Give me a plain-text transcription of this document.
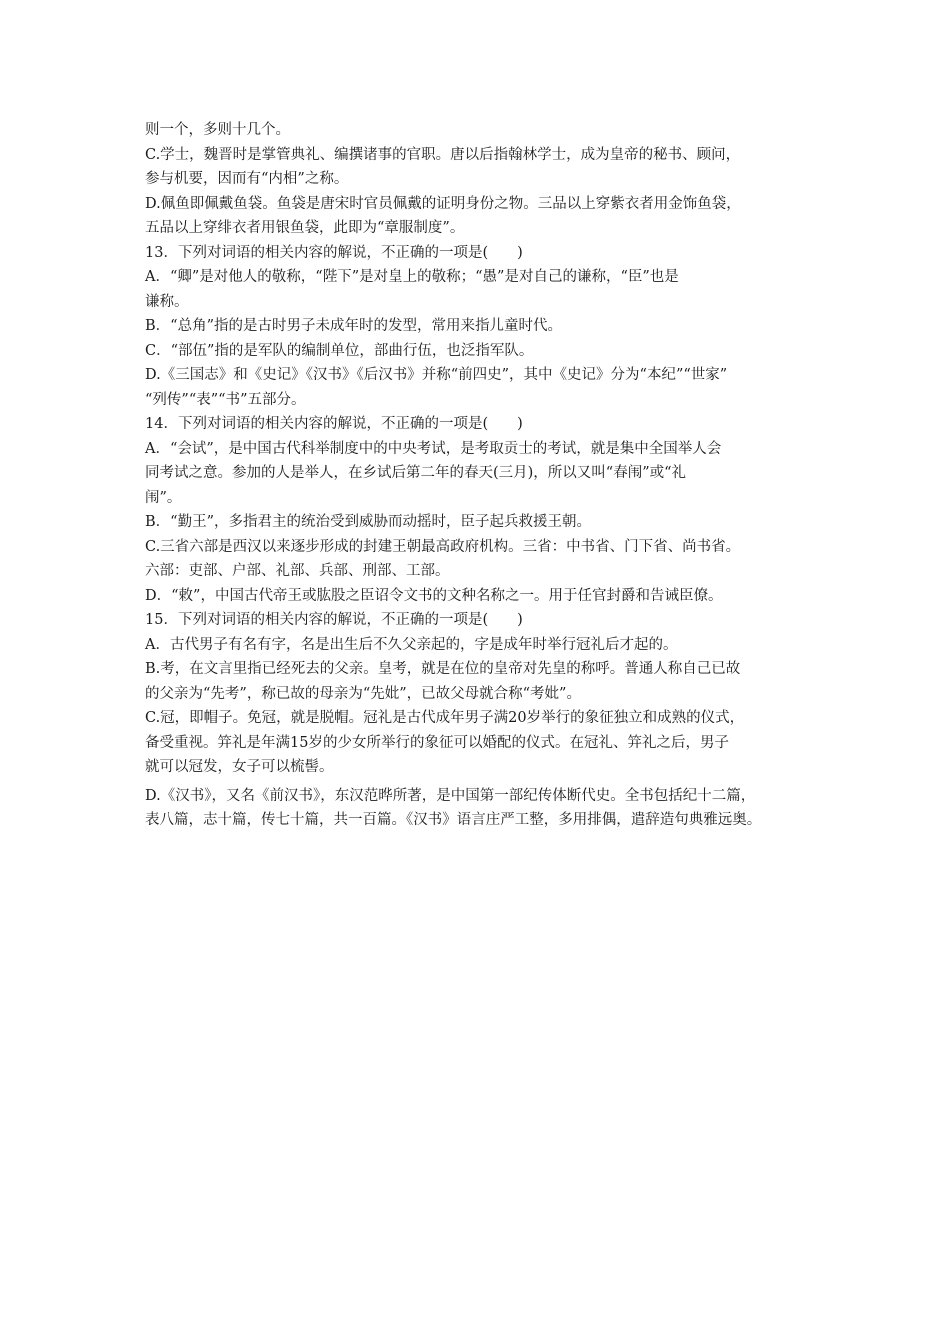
则一个，多则十几个。
C.学士，魏晋时是掌管典礼、编撰诸事的官职。唐以后指翰林学士，成为皇帝的秘书、顾问，
参与机要，因而有“内相”之称。
D.佩鱼即佩戴鱼袋。鱼袋是唐宋时官员佩戴的证明身份之物。三品以上穿紫衣者用金饰鱼袋，
五品以上穿绯衣者用银鱼袋，此即为“章服制度”。
13．下列对词语的相关内容的解说，不正确的一项是(　　)
A．“卿”是对他人的敬称，“陛下”是对皇上的敬称；“愚”是对自己的谦称，“臣”也是
谦称。
B．“总角”指的是古时男子未成年时的发型，常用来指儿童时代。
C．“部伍”指的是军队的编制单位，部曲行伍，也泛指军队。
D.《三国志》和《史记》《汉书》《后汉书》并称“前四史”，其中《史记》分为“本纪”“世家”
“列传”“表”“书”五部分。
14．下列对词语的相关内容的解说，不正确的一项是(　　)
A．“会试”，是中国古代科举制度中的中央考试，是考取贡士的考试，就是集中全国举人会
同考试之意。参加的人是举人，在乡试后第二年的春天(三月)，所以又叫“春闱”或“礼
闱”。
B．“勤王”，多指君主的统治受到威胁而动摇时，臣子起兵救援王朝。
C.三省六部是西汉以来逐步形成的封建王朝最高政府机构。三省：中书省、门下省、尚书省。
六部：吏部、户部、礼部、兵部、刑部、工部。
D．“敕”，中国古代帝王或肱股之臣诏令文书的文种名称之一。用于任官封爵和告诫臣僚。
15．下列对词语的相关内容的解说，不正确的一项是(　　)
A．古代男子有名有字，名是出生后不久父亲起的，字是成年时举行冠礼后才起的。
B.考，在文言里指已经死去的父亲。皇考，就是在位的皇帝对先皇的称呼。普通人称自己已故
的父亲为“先考”，称已故的母亲为“先妣”，已故父母就合称“考妣”。
C.冠，即帽子。免冠，就是脱帽。冠礼是古代成年男子满20岁举行的象征独立和成熟的仪式，
备受重视。笄礼是年满15岁的少女所举行的象征可以婚配的仪式。在冠礼、笄礼之后，男子
就可以冠发，女子可以梳髻。
D.《汉书》，又名《前汉书》，东汉范晔所著，是中国第一部纪传体断代史。全书包括纪十二篇，
表八篇，志十篇，传七十篇，共一百篇。《汉书》语言庄严工整，多用排偶，遣辞造句典雅远奥。
